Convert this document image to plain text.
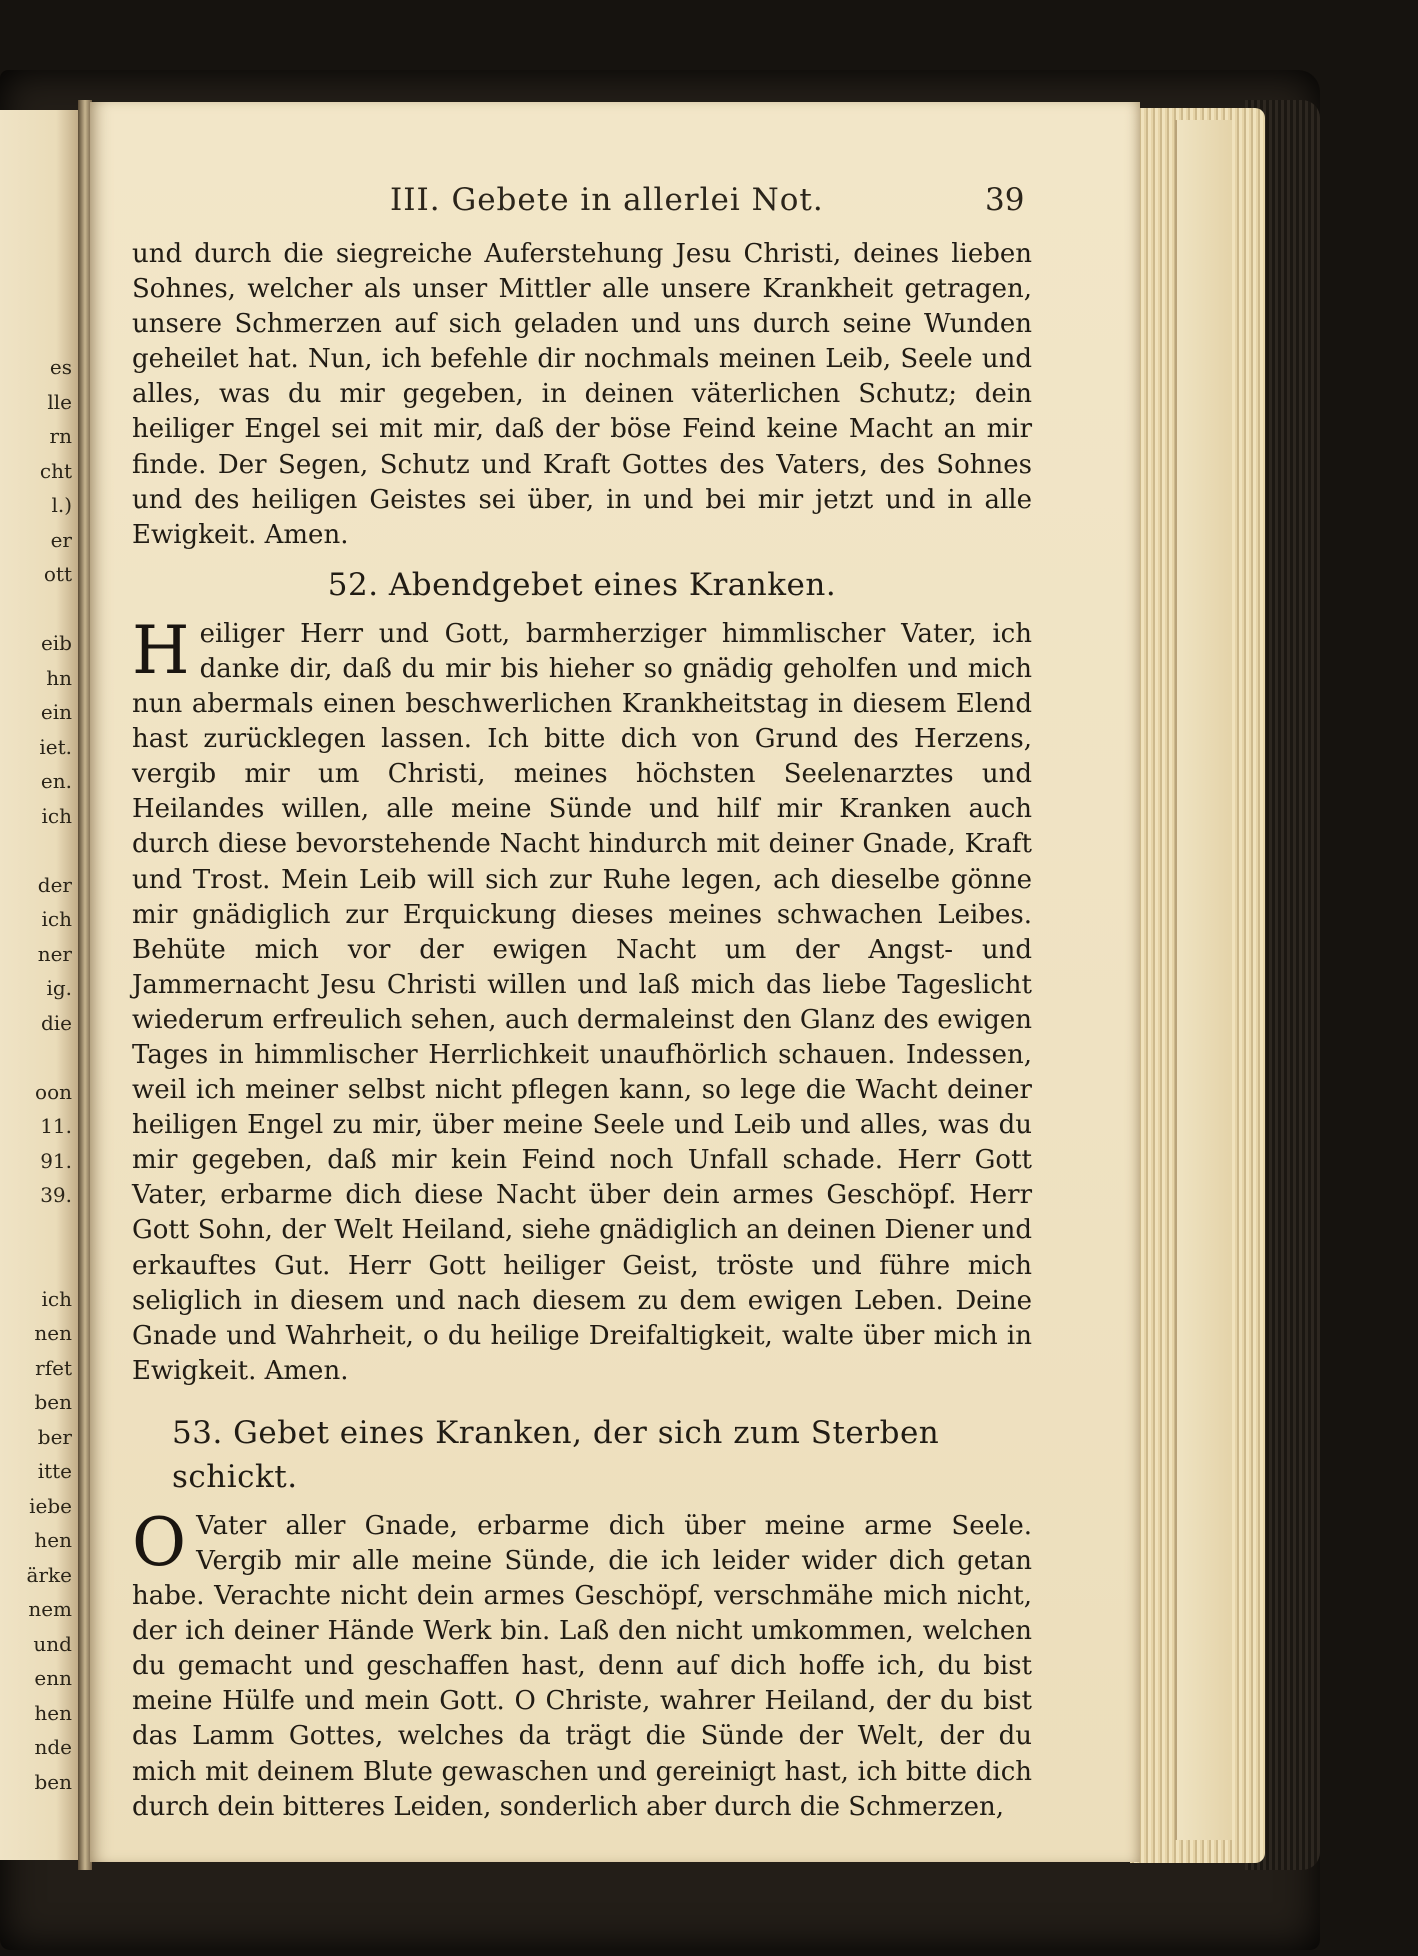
es
lle
rn
cht
l.)
er
ott
eib
hn
ein
iet.
en.
ich
der
ich
ner
ig.
die
oon
11.
91.
39.
ich
nen
rfet
ben
ber
itte
iebe
hen
ärke
nem
und
enn
hen
nde
ben
III. Gebete in allerlei Not.	39

und durch die siegreiche Auferstehung Jesu Christi, deines lieben Sohnes, welcher als unser Mittler alle unsere Krankheit getragen, unsere Schmerzen auf sich geladen und uns durch seine Wunden geheilet hat. Nun, ich befehle dir nochmals meinen Leib, Seele und alles, was du mir gegeben, in deinen väterlichen Schutz; dein heiliger Engel sei mit mir, daß der böse Feind keine Macht an mir finde. Der Segen, Schutz und Kraft Gottes des Vaters, des Sohnes und des heiligen Geistes sei über, in und bei mir jetzt und in alle Ewigkeit. Amen.

52. Abendgebet eines Kranken.

Heiliger Herr und Gott, barmherziger himmlischer Vater, ich danke dir, daß du mir bis hieher so gnädig geholfen und mich nun abermals einen beschwerlichen Krankheitstag in diesem Elend hast zurücklegen lassen. Ich bitte dich von Grund des Herzens, vergib mir um Christi, meines höchsten Seelenarztes und Heilandes willen, alle meine Sünde und hilf mir Kranken auch durch diese bevorstehende Nacht hindurch mit deiner Gnade, Kraft und Trost. Mein Leib will sich zur Ruhe legen, ach dieselbe gönne mir gnädiglich zur Erquickung dieses meines schwachen Leibes. Behüte mich vor der ewigen Nacht um der Angst- und Jammernacht Jesu Christi willen und laß mich das liebe Tageslicht wiederum erfreulich sehen, auch dermaleinst den Glanz des ewigen Tages in himmlischer Herrlichkeit unaufhörlich schauen. Indessen, weil ich meiner selbst nicht pflegen kann, so lege die Wacht deiner heiligen Engel zu mir, über meine Seele und Leib und alles, was du mir gegeben, daß mir kein Feind noch Unfall schade. Herr Gott Vater, erbarme dich diese Nacht über dein armes Geschöpf. Herr Gott Sohn, der Welt Heiland, siehe gnädiglich an deinen Diener und erkauftes Gut. Herr Gott heiliger Geist, tröste und führe mich seliglich in diesem und nach diesem zu dem ewigen Leben. Deine Gnade und Wahrheit, o du heilige Dreifaltigkeit, walte über mich in Ewigkeit. Amen.

53. Gebet eines Kranken, der sich zum Sterben schickt.

O Vater aller Gnade, erbarme dich über meine arme Seele. Vergib mir alle meine Sünde, die ich leider wider dich getan habe. Verachte nicht dein armes Geschöpf, verschmähe mich nicht, der ich deiner Hände Werk bin. Laß den nicht umkommen, welchen du gemacht und geschaffen hast, denn auf dich hoffe ich, du bist meine Hülfe und mein Gott. O Christe, wahrer Heiland, der du bist das Lamm Gottes, welches da trägt die Sünde der Welt, der du mich mit deinem Blute gewaschen und gereinigt hast, ich bitte dich durch dein bitteres Leiden, sonderlich aber durch die Schmerzen,
